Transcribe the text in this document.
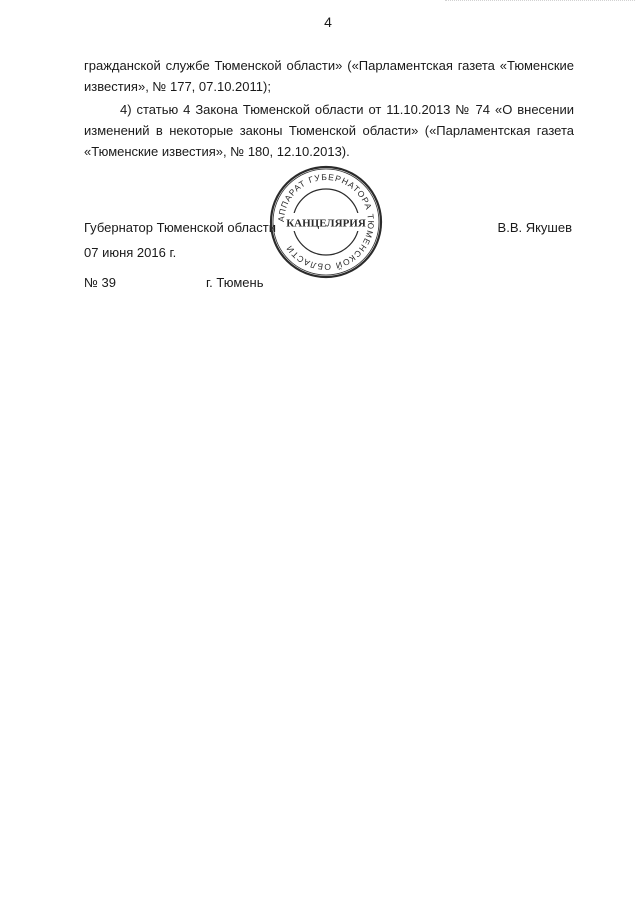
4

гражданской службе Тюменской области» («Парламентская газета «Тюменские известия», № 177, 07.10.2011);

4) статью 4 Закона Тюменской области от 11.10.2013 № 74 «О внесении изменений в некоторые законы Тюменской области» («Парламентская газета «Тюменские известия», № 180, 12.10.2013).

Губернатор Тюменской области	В.В. Якушев
07 июня 2016 г.
№ 39	г. Тюмень
АППАРАТ ГУБЕРНАТОРА ТЮМЕНСКОЙ ОБЛАСТИ
КАНЦЕЛЯРИЯ
